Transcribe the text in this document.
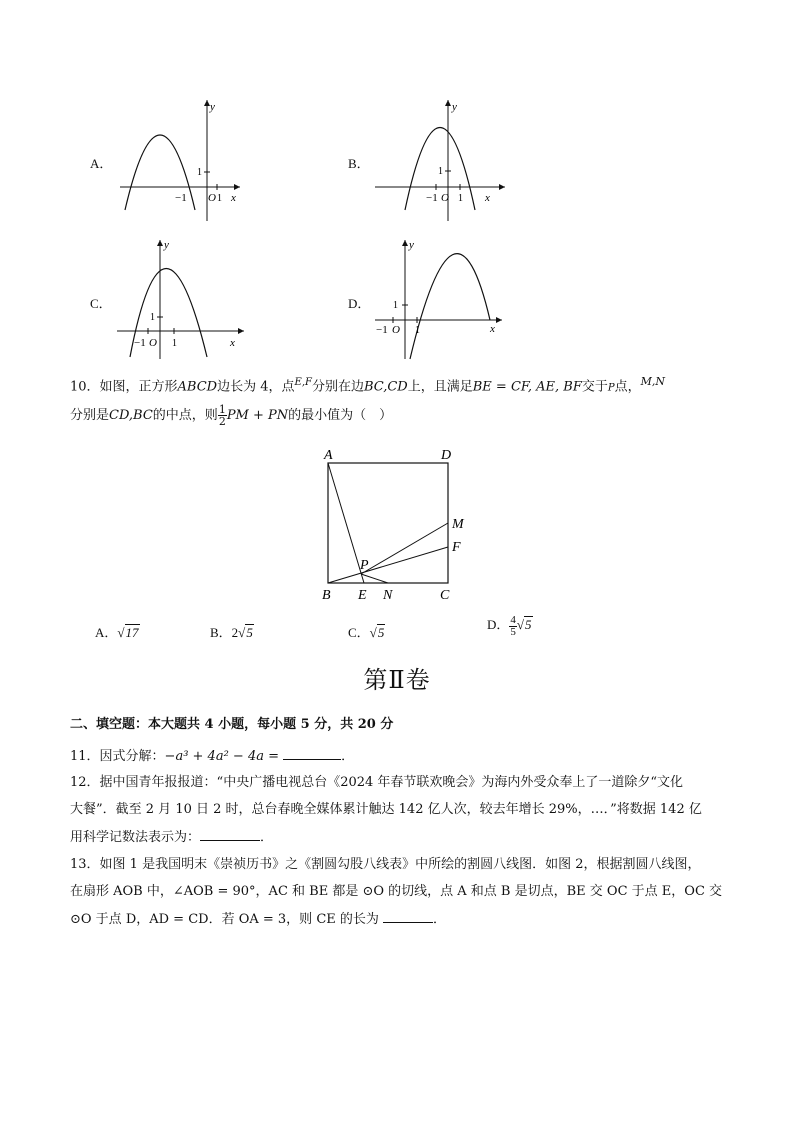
A．
y
x
−1 O 1
1
B．
y
x
−1 O 1
1
C．
y
x
−1 O 1
1
D．
y
x
−1 O 1
1
10．如图，正方形ABCD边长为 4，点$^{E,F}$分别在边BC,CD上，且满足BE = CF, AE, BF交于P点，$^{M,N}$
分别是CD,BC的中点，则 $\frac{1}{2}$ PM + PN的最小值为（　）
A	D
M
F
P
B E N	C
A．√17	B．2√5	C．√5
D． $\frac{4}{5} √5$
第Ⅱ卷
二、填空题：本大题共 4 小题，每小题 5 分，共 20 分
11．因式分解：−a³ + 4a² − 4a =	．
12．据中国青年报报道：“中央广播电视总台《2024 年春节联欢晚会》为海内外受众奉上了一道除夕“文化
大餐”．截至 2 月 10 日 2 时，总台春晚全媒体累计触达 142 亿人次，较去年增长 29%，…．”将数据 142 亿
用科学记数法表示为：	．
13．如图 1 是我国明末《崇祯历书》之《割圆勾股八线表》中所绘的割圆八线图．如图 2，根据割圆八线图，
在扇形 AOB 中，∠AOB = 90°，AC 和 BE 都是 ⊙O 的切线，点 A 和点 B 是切点，BE 交 OC 于点 E，OC 交
⊙O 于点 D，AD = CD．若 OA = 3，则 CE 的长为	．
